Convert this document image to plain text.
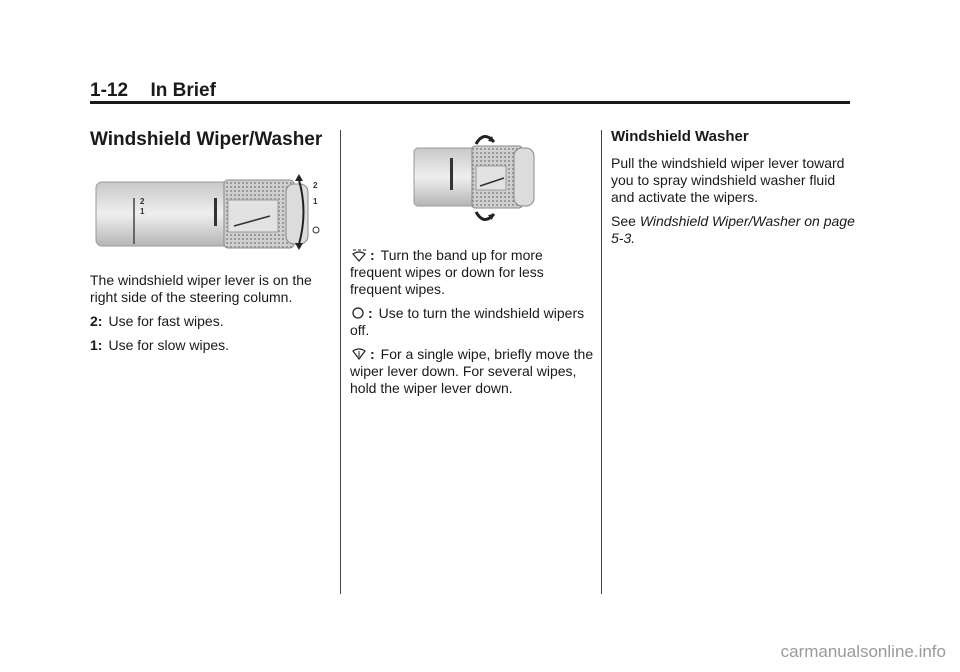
1-12 In Brief
Windshield Wiper/Washer
2
1
2
1

The windshield wiper lever is on the right side of the steering column.

2: Use for fast wipes.

1: Use for slow wipes.

: Turn the band up for more frequent wipes or down for less frequent wipes.

: Use to turn the windshield wipers off.

: For a single wipe, briefly move the wiper lever down. For several wipes, hold the wiper lever down.

Windshield Washer

Pull the windshield wiper lever toward you to spray windshield washer fluid and activate the wipers.

See Windshield Wiper/Washer on page 5-3.

carmanualsonline.info
